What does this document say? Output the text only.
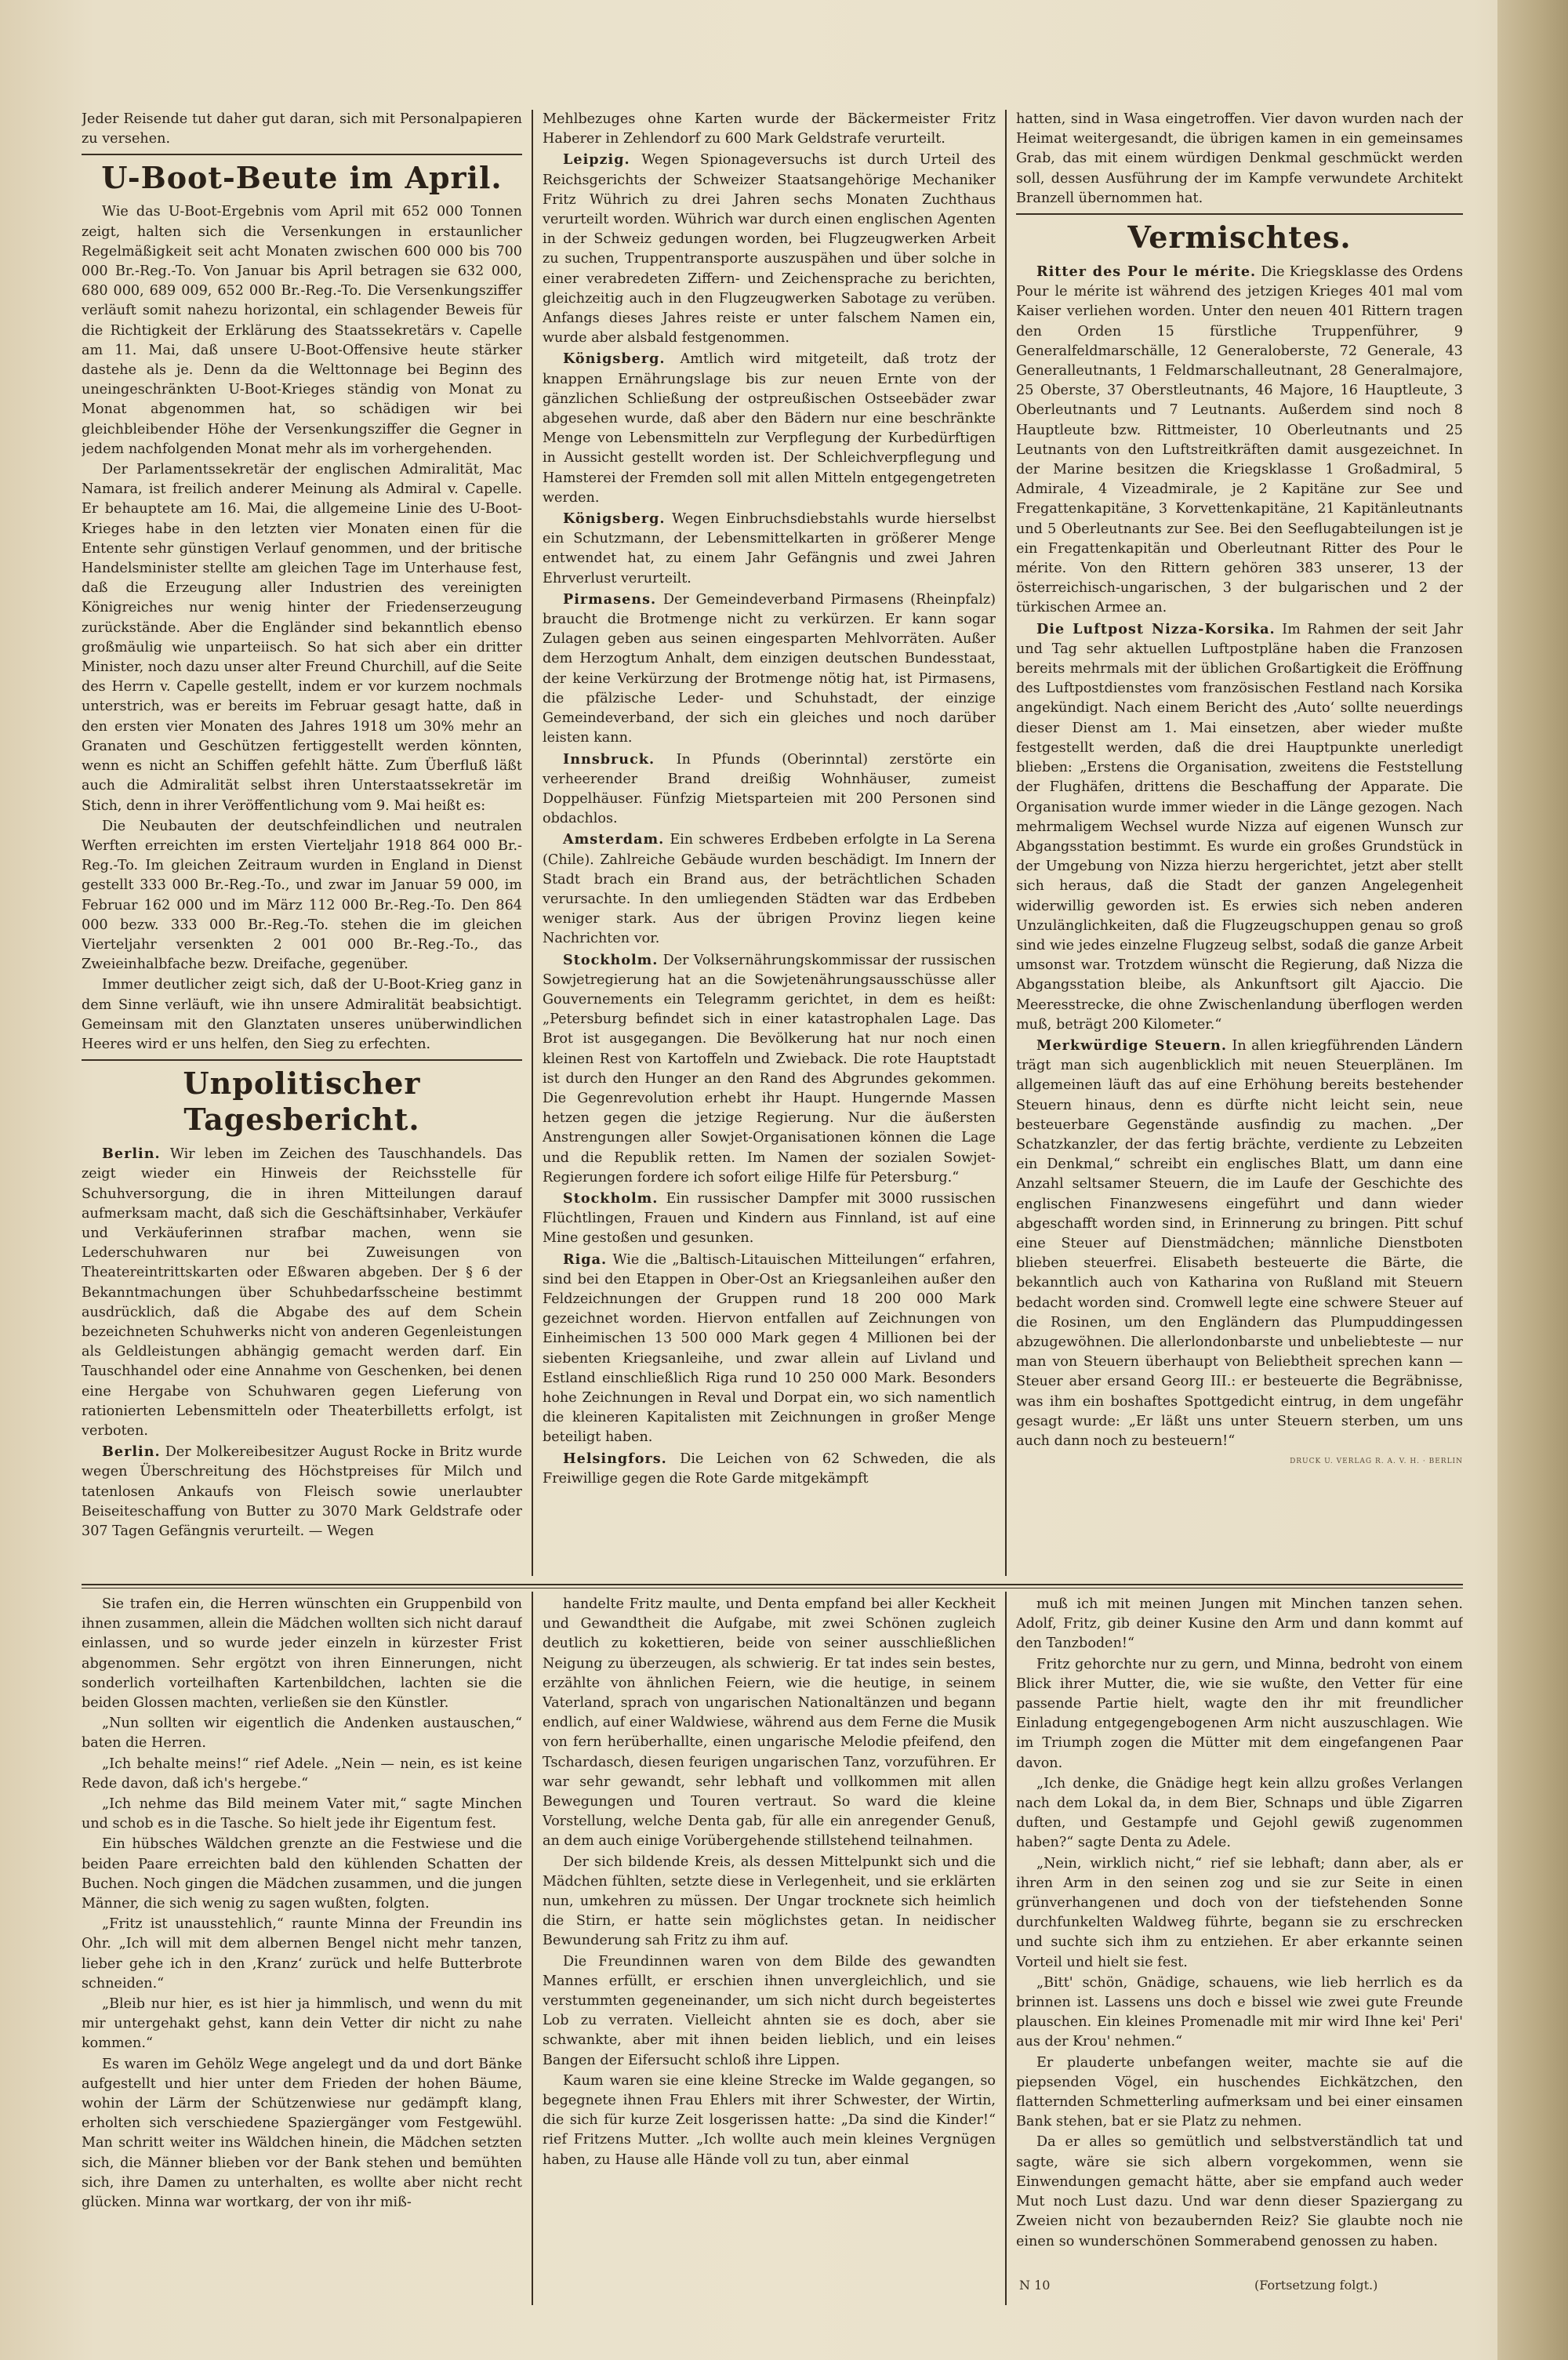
Jeder Reisende tut daher gut daran, sich mit Personalpapieren zu versehen.

U-Boot-Beute im April.

Wie das U-Boot-Ergebnis vom April mit 652 000 Tonnen zeigt, halten sich die Versenkungen in erstaunlicher Regelmäßigkeit seit acht Monaten zwischen 600 000 bis 700 000 Br.-Reg.-To. Von Januar bis April betragen sie 632 000, 680 000, 689 009, 652 000 Br.-Reg.-To. Die Versenkungsziffer verläuft somit nahezu horizontal, ein schlagender Beweis für die Richtigkeit der Erklärung des Staatssekretärs v. Capelle am 11. Mai, daß unsere U-Boot-Offensive heute stärker dastehe als je. Denn da die Welttonnage bei Beginn des uneingeschränkten U-Boot-Krieges ständig von Monat zu Monat abgenommen hat, so schädigen wir bei gleichbleibender Höhe der Versenkungsziffer die Gegner in jedem nachfolgenden Monat mehr als im vorhergehenden.

Der Parlamentssekretär der englischen Admiralität, Mac Namara, ist freilich anderer Meinung als Admiral v. Capelle. Er behauptete am 16. Mai, die allgemeine Linie des U-Boot-Krieges habe in den letzten vier Monaten einen für die Entente sehr günstigen Verlauf genommen, und der britische Handelsminister stellte am gleichen Tage im Unterhause fest, daß die Erzeugung aller Industrien des vereinigten Königreiches nur wenig hinter der Friedenserzeugung zurückstände. Aber die Engländer sind bekanntlich ebenso großmäulig wie unparteiisch. So hat sich aber ein dritter Minister, noch dazu unser alter Freund Churchill, auf die Seite des Herrn v. Capelle gestellt, indem er vor kurzem nochmals unterstrich, was er bereits im Februar gesagt hatte, daß in den ersten vier Monaten des Jahres 1918 um 30% mehr an Granaten und Geschützen fertiggestellt werden könnten, wenn es nicht an Schiffen gefehlt hätte. Zum Überfluß läßt auch die Admiralität selbst ihren Unterstaatssekretär im Stich, denn in ihrer Veröffentlichung vom 9. Mai heißt es:

Die Neubauten der deutschfeindlichen und neutralen Werften erreichten im ersten Vierteljahr 1918 864 000 Br.-Reg.-To. Im gleichen Zeitraum wurden in England in Dienst gestellt 333 000 Br.-Reg.-To., und zwar im Januar 59 000, im Februar 162 000 und im März 112 000 Br.-Reg.-To. Den 864 000 bezw. 333 000 Br.-Reg.-To. stehen die im gleichen Vierteljahr versenkten 2 001 000 Br.-Reg.-To., das Zweieinhalbfache bezw. Dreifache, gegenüber.

Immer deutlicher zeigt sich, daß der U-Boot-Krieg ganz in dem Sinne verläuft, wie ihn unsere Admiralität beabsichtigt. Gemeinsam mit den Glanztaten unseres unüberwindlichen Heeres wird er uns helfen, den Sieg zu erfechten.

Unpolitischer Tagesbericht.

Berlin. Wir leben im Zeichen des Tauschhandels. Das zeigt wieder ein Hinweis der Reichsstelle für Schuhversorgung, die in ihren Mitteilungen darauf aufmerksam macht, daß sich die Geschäftsinhaber, Verkäufer und Verkäuferinnen strafbar machen, wenn sie Lederschuhwaren nur bei Zuweisungen von Theatereintrittskarten oder Eßwaren abgeben. Der § 6 der Bekanntmachungen über Schuhbedarfsscheine bestimmt ausdrücklich, daß die Abgabe des auf dem Schein bezeichneten Schuhwerks nicht von anderen Gegenleistungen als Geldleistungen abhängig gemacht werden darf. Ein Tauschhandel oder eine Annahme von Geschenken, bei denen eine Hergabe von Schuhwaren gegen Lieferung von rationierten Lebensmitteln oder Theaterbilletts erfolgt, ist verboten.

Berlin. Der Molkereibesitzer August Rocke in Britz wurde wegen Überschreitung des Höchstpreises für Milch und tatenlosen Ankaufs von Fleisch sowie unerlaubter Beiseiteschaffung von Butter zu 3070 Mark Geldstrafe oder 307 Tagen Gefängnis verurteilt. — Wegen

Mehlbezuges ohne Karten wurde der Bäckermeister Fritz Haberer in Zehlendorf zu 600 Mark Geldstrafe verurteilt.

Leipzig. Wegen Spionageversuchs ist durch Urteil des Reichsgerichts der Schweizer Staatsangehörige Mechaniker Fritz Wührich zu drei Jahren sechs Monaten Zuchthaus verurteilt worden. Wührich war durch einen englischen Agenten in der Schweiz gedungen worden, bei Flugzeugwerken Arbeit zu suchen, Truppentransporte auszuspähen und über solche in einer verabredeten Ziffern- und Zeichensprache zu berichten, gleichzeitig auch in den Flugzeugwerken Sabotage zu verüben. Anfangs dieses Jahres reiste er unter falschem Namen ein, wurde aber alsbald festgenommen.

Königsberg. Amtlich wird mitgeteilt, daß trotz der knappen Ernährungslage bis zur neuen Ernte von der gänzlichen Schließung der ostpreußischen Ostseebäder zwar abgesehen wurde, daß aber den Bädern nur eine beschränkte Menge von Lebensmitteln zur Verpflegung der Kurbedürftigen in Aussicht gestellt worden ist. Der Schleichverpflegung und Hamsterei der Fremden soll mit allen Mitteln entgegengetreten werden.

Königsberg. Wegen Einbruchsdiebstahls wurde hierselbst ein Schutzmann, der Lebensmittelkarten in größerer Menge entwendet hat, zu einem Jahr Gefängnis und zwei Jahren Ehrverlust verurteilt.

Pirmasens. Der Gemeindeverband Pirmasens (Rheinpfalz) braucht die Brotmenge nicht zu verkürzen. Er kann sogar Zulagen geben aus seinen eingesparten Mehlvorräten. Außer dem Herzogtum Anhalt, dem einzigen deutschen Bundesstaat, der keine Verkürzung der Brotmenge nötig hat, ist Pirmasens, die pfälzische Leder- und Schuhstadt, der einzige Gemeindeverband, der sich ein gleiches und noch darüber leisten kann.

Innsbruck. In Pfunds (Oberinntal) zerstörte ein verheerender Brand dreißig Wohnhäuser, zumeist Doppelhäuser. Fünfzig Mietsparteien mit 200 Personen sind obdachlos.

Amsterdam. Ein schweres Erdbeben erfolgte in La Serena (Chile). Zahlreiche Gebäude wurden beschädigt. Im Innern der Stadt brach ein Brand aus, der beträchtlichen Schaden verursachte. In den umliegenden Städten war das Erdbeben weniger stark. Aus der übrigen Provinz liegen keine Nachrichten vor.

Stockholm. Der Volksernährungskommissar der russischen Sowjetregierung hat an die Sowjetenährungsausschüsse aller Gouvernements ein Telegramm gerichtet, in dem es heißt: „Petersburg befindet sich in einer katastrophalen Lage. Das Brot ist ausgegangen. Die Bevölkerung hat nur noch einen kleinen Rest von Kartoffeln und Zwieback. Die rote Hauptstadt ist durch den Hunger an den Rand des Abgrundes gekommen. Die Gegenrevolution erhebt ihr Haupt. Hungernde Massen hetzen gegen die jetzige Regierung. Nur die äußersten Anstrengungen aller Sowjet-Organisationen können die Lage und die Republik retten. Im Namen der sozialen Sowjet-Regierungen fordere ich sofort eilige Hilfe für Petersburg.“

Stockholm. Ein russischer Dampfer mit 3000 russischen Flüchtlingen, Frauen und Kindern aus Finnland, ist auf eine Mine gestoßen und gesunken.

Riga. Wie die „Baltisch-Litauischen Mitteilungen“ erfahren, sind bei den Etappen in Ober-Ost an Kriegsanleihen außer den Feldzeichnungen der Gruppen rund 18 200 000 Mark gezeichnet worden. Hiervon entfallen auf Zeichnungen von Einheimischen 13 500 000 Mark gegen 4 Millionen bei der siebenten Kriegsanleihe, und zwar allein auf Livland und Estland einschließlich Riga rund 10 250 000 Mark. Besonders hohe Zeichnungen in Reval und Dorpat ein, wo sich namentlich die kleineren Kapitalisten mit Zeichnungen in großer Menge beteiligt haben.

Helsingfors. Die Leichen von 62 Schweden, die als Freiwillige gegen die Rote Garde mitgekämpft

hatten, sind in Wasa eingetroffen. Vier davon wurden nach der Heimat weitergesandt, die übrigen kamen in ein gemeinsames Grab, das mit einem würdigen Denkmal geschmückt werden soll, dessen Ausführung der im Kampfe verwundete Architekt Branzell übernommen hat.

Vermischtes.

Ritter des Pour le mérite. Die Kriegsklasse des Ordens Pour le mérite ist während des jetzigen Krieges 401 mal vom Kaiser verliehen worden. Unter den neuen 401 Rittern tragen den Orden 15 fürstliche Truppenführer, 9 Generalfeldmarschälle, 12 Generaloberste, 72 Generale, 43 Generalleutnants, 1 Feldmarschalleutnant, 28 Generalmajore, 25 Oberste, 37 Oberstleutnants, 46 Majore, 16 Hauptleute, 3 Oberleutnants und 7 Leutnants. Außerdem sind noch 8 Hauptleute bzw. Rittmeister, 10 Oberleutnants und 25 Leutnants von den Luftstreitkräften damit ausgezeichnet. In der Marine besitzen die Kriegsklasse 1 Großadmiral, 5 Admirale, 4 Vizeadmirale, je 2 Kapitäne zur See und Fregattenkapitäne, 3 Korvettenkapitäne, 21 Kapitänleutnants und 5 Oberleutnants zur See. Bei den Seeflugabteilungen ist je ein Fregattenkapitän und Oberleutnant Ritter des Pour le mérite. Von den Rittern gehören 383 unserer, 13 der österreichisch-ungarischen, 3 der bulgarischen und 2 der türkischen Armee an.

Die Luftpost Nizza-Korsika. Im Rahmen der seit Jahr und Tag sehr aktuellen Luftpostpläne haben die Franzosen bereits mehrmals mit der üblichen Großartigkeit die Eröffnung des Luftpostdienstes vom französischen Festland nach Korsika angekündigt. Nach einem Bericht des ‚Auto‘ sollte neuerdings dieser Dienst am 1. Mai einsetzen, aber wieder mußte festgestellt werden, daß die drei Hauptpunkte unerledigt blieben: „Erstens die Organisation, zweitens die Feststellung der Flughäfen, drittens die Beschaffung der Apparate. Die Organisation wurde immer wieder in die Länge gezogen. Nach mehrmaligem Wechsel wurde Nizza auf eigenen Wunsch zur Abgangsstation bestimmt. Es wurde ein großes Grundstück in der Umgebung von Nizza hierzu hergerichtet, jetzt aber stellt sich heraus, daß die Stadt der ganzen Angelegenheit widerwillig geworden ist. Es erwies sich neben anderen Unzulänglichkeiten, daß die Flugzeugschuppen genau so groß sind wie jedes einzelne Flugzeug selbst, sodaß die ganze Arbeit umsonst war. Trotzdem wünscht die Regierung, daß Nizza die Abgangsstation bleibe, als Ankunftsort gilt Ajaccio. Die Meeresstrecke, die ohne Zwischenlandung überflogen werden muß, beträgt 200 Kilometer.“

Merkwürdige Steuern. In allen kriegführenden Ländern trägt man sich augenblicklich mit neuen Steuerplänen. Im allgemeinen läuft das auf eine Erhöhung bereits bestehender Steuern hinaus, denn es dürfte nicht leicht sein, neue besteuerbare Gegenstände ausfindig zu machen. „Der Schatzkanzler, der das fertig brächte, verdiente zu Lebzeiten ein Denkmal,“ schreibt ein englisches Blatt, um dann eine Anzahl seltsamer Steuern, die im Laufe der Geschichte des englischen Finanzwesens eingeführt und dann wieder abgeschafft worden sind, in Erinnerung zu bringen. Pitt schuf eine Steuer auf Dienstmädchen; männliche Dienstboten blieben steuerfrei. Elisabeth besteuerte die Bärte, die bekanntlich auch von Katharina von Rußland mit Steuern bedacht worden sind. Cromwell legte eine schwere Steuer auf die Rosinen, um den Engländern das Plumpuddingessen abzugewöhnen. Die allerlondonbarste und unbeliebteste — nur man von Steuern überhaupt von Beliebtheit sprechen kann — Steuer aber ersand Georg III.: er besteuerte die Begräbnisse, was ihm ein boshaftes Spottgedicht eintrug, in dem ungefähr gesagt wurde: „Er läßt uns unter Steuern sterben, um uns auch dann noch zu besteuern!“

DRUCK U. VERLAG R. A. V. H. · BERLIN

Sie trafen ein, die Herren wünschten ein Gruppenbild von ihnen zusammen, allein die Mädchen wollten sich nicht darauf einlassen, und so wurde jeder einzeln in kürzester Frist abgenommen. Sehr ergötzt von ihren Einnerungen, nicht sonderlich vorteilhaften Kartenbildchen, lachten sie die beiden Glossen machten, verließen sie den Künstler.

„Nun sollten wir eigentlich die Andenken austauschen,“ baten die Herren.

„Ich behalte meins!“ rief Adele. „Nein — nein, es ist keine Rede davon, daß ich's hergebe.“

„Ich nehme das Bild meinem Vater mit,“ sagte Minchen und schob es in die Tasche. So hielt jede ihr Eigentum fest.

Ein hübsches Wäldchen grenzte an die Festwiese und die beiden Paare erreichten bald den kühlenden Schatten der Buchen. Noch gingen die Mädchen zusammen, und die jungen Männer, die sich wenig zu sagen wußten, folgten.

„Fritz ist unausstehlich,“ raunte Minna der Freundin ins Ohr. „Ich will mit dem albernen Bengel nicht mehr tanzen, lieber gehe ich in den ‚Kranz‘ zurück und helfe Butterbrote schneiden.“

„Bleib nur hier, es ist hier ja himmlisch, und wenn du mit mir untergehakt gehst, kann dein Vetter dir nicht zu nahe kommen.“

Es waren im Gehölz Wege angelegt und da und dort Bänke aufgestellt und hier unter dem Frieden der hohen Bäume, wohin der Lärm der Schützenwiese nur gedämpft klang, erholten sich verschiedene Spaziergänger vom Festgewühl. Man schritt weiter ins Wäldchen hinein, die Mädchen setzten sich, die Männer blieben vor der Bank stehen und bemühten sich, ihre Damen zu unterhalten, es wollte aber nicht recht glücken. Minna war wortkarg, der von ihr miß-

handelte Fritz maulte, und Denta empfand bei aller Keckheit und Gewandtheit die Aufgabe, mit zwei Schönen zugleich deutlich zu kokettieren, beide von seiner ausschließlichen Neigung zu überzeugen, als schwierig. Er tat indes sein bestes, erzählte von ähnlichen Feiern, wie die heutige, in seinem Vaterland, sprach von ungarischen Nationaltänzen und begann endlich, auf einer Waldwiese, während aus dem Ferne die Musik von fern herüberhallte, einen ungarische Melodie pfeifend, den Tschardasch, diesen feurigen ungarischen Tanz, vorzuführen. Er war sehr gewandt, sehr lebhaft und vollkommen mit allen Bewegungen und Touren vertraut. So ward die kleine Vorstellung, welche Denta gab, für alle ein anregender Genuß, an dem auch einige Vorübergehende stillstehend teilnahmen.

Der sich bildende Kreis, als dessen Mittelpunkt sich und die Mädchen fühlten, setzte diese in Verlegenheit, und sie erklärten nun, umkehren zu müssen. Der Ungar trocknete sich heimlich die Stirn, er hatte sein möglichstes getan. In neidischer Bewunderung sah Fritz zu ihm auf.

Die Freundinnen waren von dem Bilde des gewandten Mannes erfüllt, er erschien ihnen unvergleichlich, und sie verstummten gegeneinander, um sich nicht durch begeistertes Lob zu verraten. Vielleicht ahnten sie es doch, aber sie schwankte, aber mit ihnen beiden lieblich, und ein leises Bangen der Eifersucht schloß ihre Lippen.

Kaum waren sie eine kleine Strecke im Walde gegangen, so begegnete ihnen Frau Ehlers mit ihrer Schwester, der Wirtin, die sich für kurze Zeit losgerissen hatte: „Da sind die Kinder!“ rief Fritzens Mutter. „Ich wollte auch mein kleines Vergnügen haben, zu Hause alle Hände voll zu tun, aber einmal

muß ich mit meinen Jungen mit Minchen tanzen sehen. Adolf, Fritz, gib deiner Kusine den Arm und dann kommt auf den Tanzboden!“

Fritz gehorchte nur zu gern, und Minna, bedroht von einem Blick ihrer Mutter, die, wie sie wußte, den Vetter für eine passende Partie hielt, wagte den ihr mit freundlicher Einladung entgegengebogenen Arm nicht auszuschlagen. Wie im Triumph zogen die Mütter mit dem eingefangenen Paar davon.

„Ich denke, die Gnädige hegt kein allzu großes Verlangen nach dem Lokal da, in dem Bier, Schnaps und üble Zigarren duften, und Gestampfe und Gejohl gewiß zugenommen haben?“ sagte Denta zu Adele.

„Nein, wirklich nicht,“ rief sie lebhaft; dann aber, als er ihren Arm in den seinen zog und sie zur Seite in einen grünverhangenen und doch von der tiefstehenden Sonne durchfunkelten Waldweg führte, begann sie zu erschrecken und suchte sich ihm zu entziehen. Er aber erkannte seinen Vorteil und hielt sie fest.

„Bitt' schön, Gnädige, schauens, wie lieb herrlich es da brinnen ist. Lassens uns doch e bissel wie zwei gute Freunde plauschen. Ein kleines Promenadle mit mir wird Ihne kei' Peri' aus der Krou' nehmen.“

Er plauderte unbefangen weiter, machte sie auf die piepsenden Vögel, ein huschendes Eichkätzchen, den flatternden Schmetterling aufmerksam und bei einer einsamen Bank stehen, bat er sie Platz zu nehmen.

Da er alles so gemütlich und selbstverständlich tat und sagte, wäre sie sich albern vorgekommen, wenn sie Einwendungen gemacht hätte, aber sie empfand auch weder Mut noch Lust dazu. Und war denn dieser Spaziergang zu Zweien nicht von bezaubernden Reiz? Sie glaubte noch nie einen so wunderschönen Sommerabend genossen zu haben.

N 10	(Fortsetzung folgt.)
